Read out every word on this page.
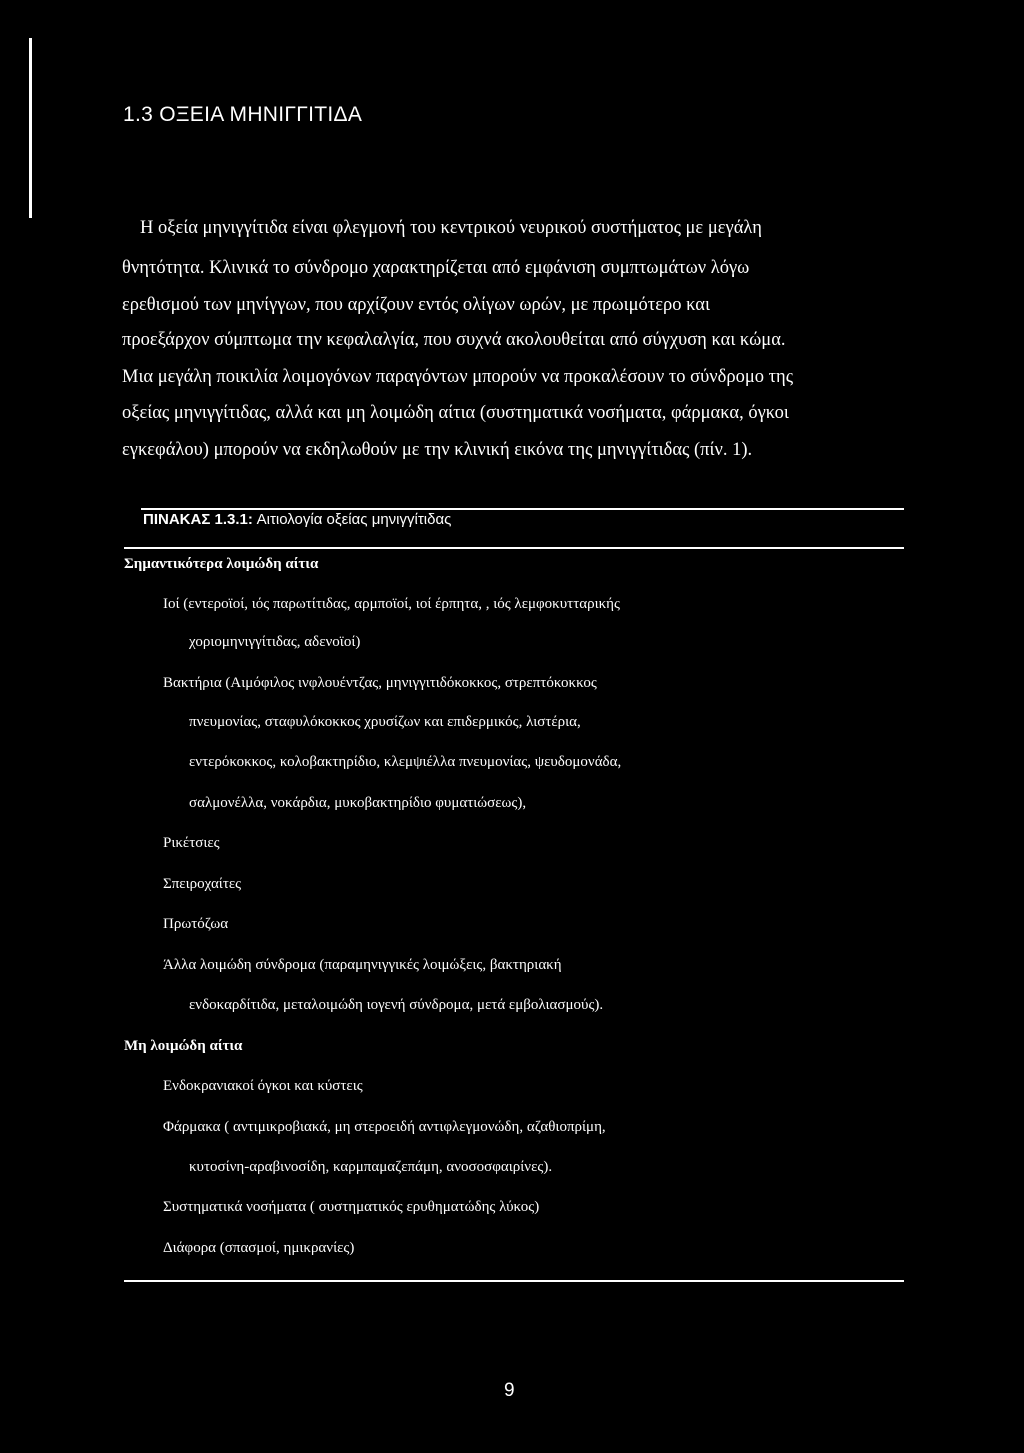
1.3 ΟΞΕΙΑ ΜΗΝΙΓΓΙΤΙΔΑ
Η οξεία μηνιγγίτιδα είναι φλεγμονή του κεντρικού νευρικού συστήματος με μεγάλη
θνητότητα. Κλινικά το σύνδρομο χαρακτηρίζεται από εμφάνιση συμπτωμάτων λόγω
ερεθισμού των μηνίγγων, που αρχίζουν εντός ολίγων ωρών, με πρωιμότερο και
προεξάρχον σύμπτωμα την κεφαλαλγία, που συχνά ακολουθείται από σύγχυση και κώμα.
Μια μεγάλη ποικιλία λοιμογόνων παραγόντων μπορούν να προκαλέσουν το σύνδρομο της
οξείας μηνιγγίτιδας, αλλά και μη λοιμώδη αίτια (συστηματικά νοσήματα, φάρμακα, όγκοι
εγκεφάλου) μπορούν να εκδηλωθούν με την κλινική εικόνα της μηνιγγίτιδας (πίν. 1).
ΠΙΝΑΚΑΣ 1.3.1: Αιτιολογία οξείας μηνιγγίτιδας
Σημαντικότερα λοιμώδη αίτια
Ιοί (εντεροϊοί, ιός παρωτίτιδας, αρμποϊοί, ιοί έρπητα, , ιός λεμφοκυτταρικής
χοριομηνιγγίτιδας, αδενοϊοί)
Βακτήρια (Αιμόφιλος ινφλουέντζας, μηνιγγιτιδόκοκκος, στρεπτόκοκκος
πνευμονίας, σταφυλόκοκκος χρυσίζων και επιδερμικός, λιστέρια,
εντερόκοκκος, κολοβακτηρίδιο, κλεμψιέλλα πνευμονίας, ψευδομονάδα,
σαλμονέλλα, νοκάρδια, μυκοβακτηρίδιο φυματιώσεως),
Ρικέτσιες
Σπειροχαίτες
Πρωτόζωα
Άλλα λοιμώδη σύνδρομα (παραμηνιγγικές λοιμώξεις, βακτηριακή
ενδοκαρδίτιδα, μεταλοιμώδη ιογενή σύνδρομα, μετά εμβολιασμούς).
Μη λοιμώδη αίτια
Ενδοκρανιακοί όγκοι και κύστεις
Φάρμακα ( αντιμικροβιακά, μη στεροειδή αντιφλεγμονώδη, αζαθιοπρίμη,
κυτοσίνη-αραβινοσίδη, καρμπαμαζεπάμη, ανοσοσφαιρίνες).
Συστηματικά νοσήματα ( συστηματικός ερυθηματώδης λύκος)
Διάφορα (σπασμοί, ημικρανίες)
9
